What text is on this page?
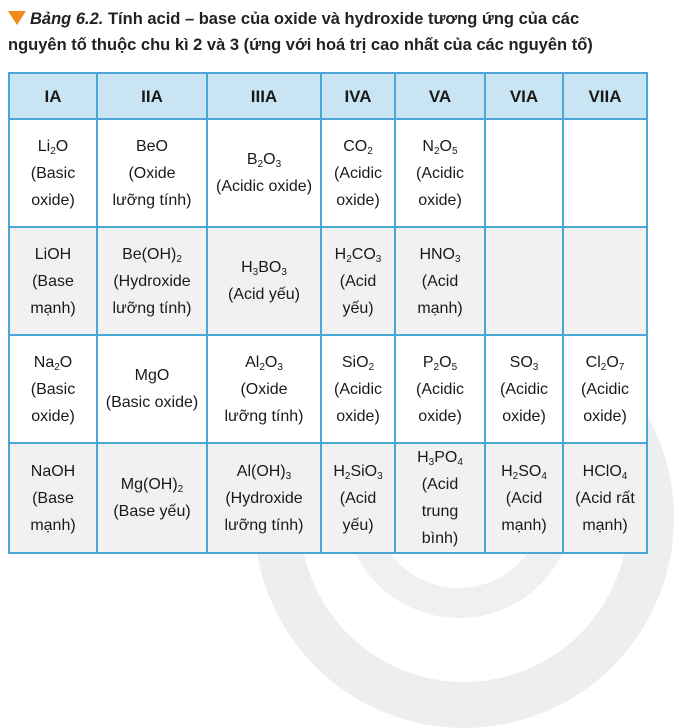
Bảng 6.2. Tính acid – base của oxide và hydroxide tương ứng của các nguyên tố thuộc chu kì 2 và 3 (ứng với hoá trị cao nhất của các nguyên tố)
IA	IIA	IIIA	IVA	VA	VIA	VIIA

$Li_2O$
(Basic
oxide)	BeO
(Oxide
lưỡng tính)	$B_2O_3$
(Acidic oxide)	$CO_2$
(Acidic
oxide)	$N_2O_5$
(Acidic
oxide)		

LiOH
(Base
mạnh)	$Be(OH)_2$
(Hydroxide
lưỡng tính)	$H_3BO_3$
(Acid yếu)	$H_2CO_3$
(Acid
yếu)	$HNO_3$
(Acid
mạnh)		

$Na_2O$
(Basic
oxide)	MgO
(Basic oxide)	$Al_2O_3$
(Oxide
lưỡng tính)	SiO$_2$
(Acidic
oxide)	$P_2O_5$
(Acidic
oxide)	$SO_3$
(Acidic
oxide)	$Cl_2O_7$
(Acidic
oxide)

NaOH
(Base
mạnh)	$Mg(OH)_2$
(Base yếu)	$Al(OH)_3$
(Hydroxide
lưỡng tính)	$H_2SiO_3$
(Acid
yếu)	$H_3PO_4$
(Acid
trung
bình)	$H_2SO_4$
(Acid
mạnh)	HClO$_4$
(Acid rất
mạnh)
